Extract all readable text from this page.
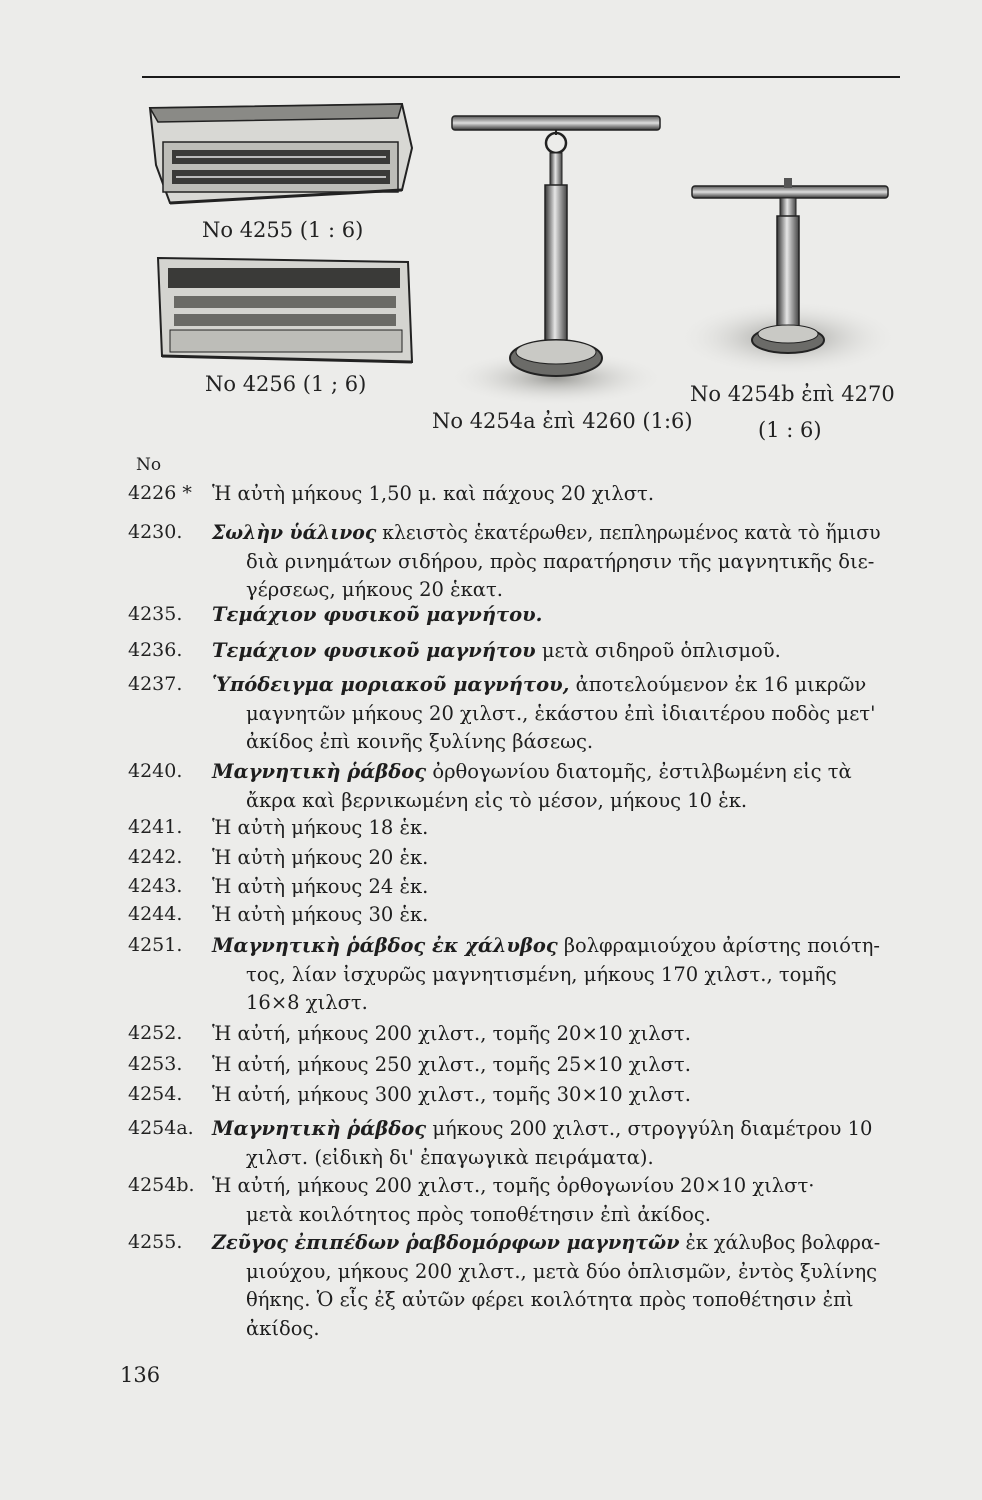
No 4255 (1 : 6)
No 4256 (1 ; 6)
No 4254a ἐπὶ 4260 (1:6)
No 4254b ἐπὶ 4270
(1 : 6)
No
4226 * Ἡ αὐτὴ μήκους 1,50 μ. καὶ πάχους 20 χιλστ.
4230. Σωλὴν ὑάλινος κλειστὸς ἑκατέρωθεν, πεπληρωμένος κατὰ τὸ ἥμισυ
διὰ ρινημάτων σιδήρου, πρὸς παρατήρησιν τῆς μαγνητικῆς διε-
γέρσεως, μήκους 20 ἑκατ.
4235. Τεμάχιον φυσικοῦ μαγνήτου.
4236. Τεμάχιον φυσικοῦ μαγνήτου μετὰ σιδηροῦ ὁπλισμοῦ.
4237. Ὑπόδειγμα μοριακοῦ μαγνήτου, ἀποτελούμενον ἐκ 16 μικρῶν
μαγνητῶν μήκους 20 χιλστ., ἑκάστου ἐπὶ ἰδιαιτέρου ποδὸς μετ'
ἀκίδος ἐπὶ κοινῆς ξυλίνης βάσεως.
4240. Μαγνητικὴ ῥάβδος ὀρθογωνίου διατομῆς, ἐστιλβωμένη εἰς τὰ
ἄκρα καὶ βερνικωμένη εἰς τὸ μέσον, μήκους 10 ἑκ.
4241. Ἡ αὐτὴ μήκους 18 ἑκ.
4242. Ἡ αὐτὴ μήκους 20 ἑκ.
4243. Ἡ αὐτὴ μήκους 24 ἑκ.
4244. Ἡ αὐτὴ μήκους 30 ἑκ.
4251. Μαγνητικὴ ῥάβδος ἐκ χάλυβος βολφραμιούχου ἀρίστης ποιότη-
τος, λίαν ἰσχυρῶς μαγνητισμένη, μήκους 170 χιλστ., τομῆς
16×8 χιλστ.
4252. Ἡ αὐτή, μήκους 200 χιλστ., τομῆς 20×10 χιλστ.
4253. Ἡ αὐτή, μήκους 250 χιλστ., τομῆς 25×10 χιλστ.
4254. Ἡ αὐτή, μήκους 300 χιλστ., τομῆς 30×10 χιλστ.
4254a. Μαγνητικὴ ῥάβδος μήκους 200 χιλστ., στρογγύλη διαμέτρου 10
χιλστ. (εἰδικὴ δι' ἐπαγωγικὰ πειράματα).
4254b. Ἡ αὐτή, μήκους 200 χιλστ., τομῆς ὀρθογωνίου 20×10 χιλστ·
μετὰ κοιλότητος πρὸς τοποθέτησιν ἐπὶ ἀκίδος.
4255. Ζεῦγος ἐπιπέδων ῥαβδομόρφων μαγνητῶν ἐκ χάλυβος βολφρα-
μιούχου, μήκους 200 χιλστ., μετὰ δύο ὁπλισμῶν, ἐντὸς ξυλίνης
θήκης. Ὁ εἷς ἐξ αὐτῶν φέρει κοιλότητα πρὸς τοποθέτησιν ἐπὶ
ἀκίδος.
136
